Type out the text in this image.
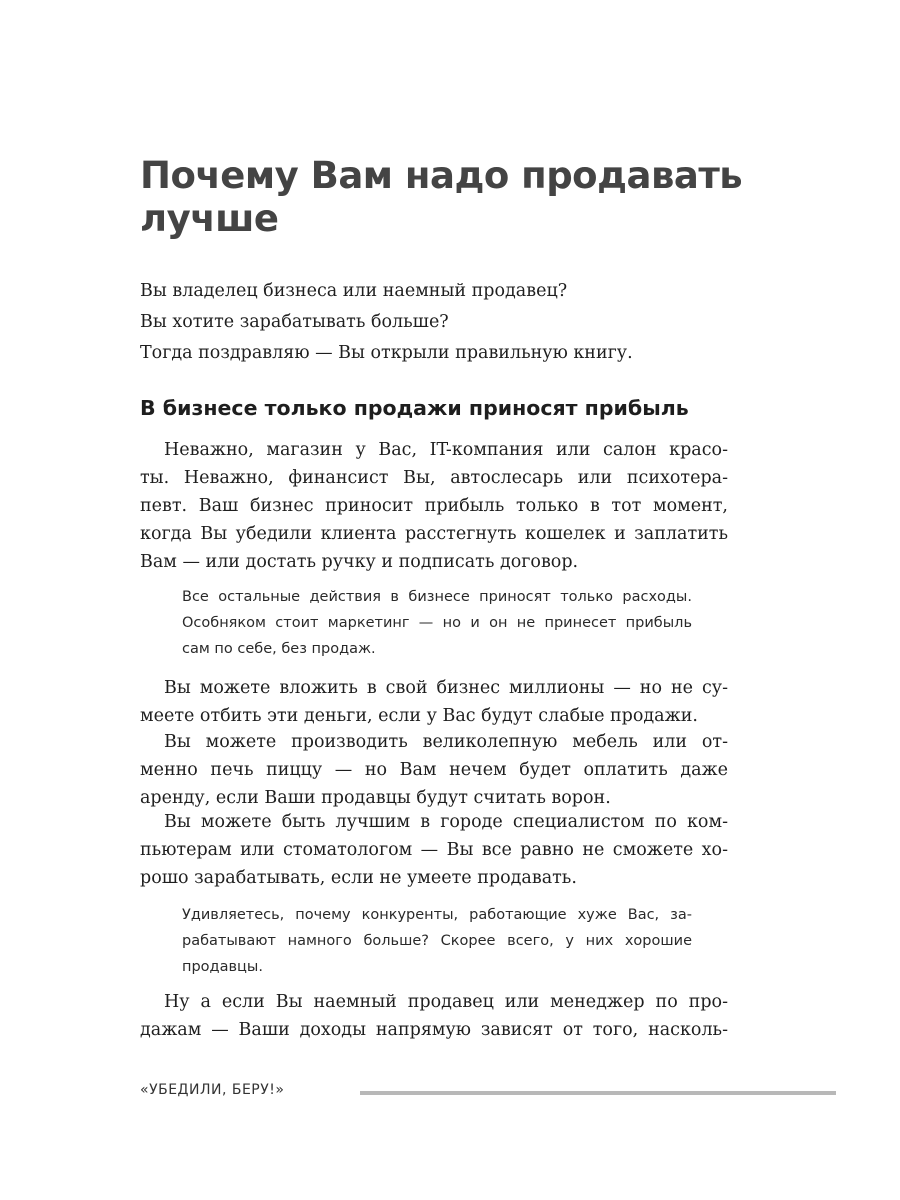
Почему Вам надо продавать
лучше

Вы владелец бизнеса или наемный продавец?

Вы хотите зарабатывать больше?

Тогда поздравляю — Вы открыли правильную книгу.

В бизнесе только продажи приносят прибыль
Неважно, магазин у Вас, IT-компания или салон красо-
ты. Неважно, финансист Вы, автослесарь или психотера-
певт. Ваш бизнес приносит прибыль только в тот момент,
когда Вы убедили клиента расстегнуть кошелек и заплатить
Вам — или достать ручку и подписать договор.
Все остальные действия в бизнесе приносят только расходы.
Особняком стоит маркетинг — но и он не принесет прибыль
сам по себе, без продаж.
Вы можете вложить в свой бизнес миллионы — но не су-
меете отбить эти деньги, если у Вас будут слабые продажи.
Вы можете производить великолепную мебель или от-
менно печь пиццу — но Вам нечем будет оплатить даже
аренду, если Ваши продавцы будут считать ворон.
Вы можете быть лучшим в городе специалистом по ком-
пьютерам или стоматологом — Вы все равно не сможете хо-
рошо зарабатывать, если не умеете продавать.
Удивляетесь, почему конкуренты, работающие хуже Вас, за-
рабатывают намного больше? Скорее всего, у них хорошие
продавцы.
Ну а если Вы наемный продавец или менеджер по про-
дажам — Ваши доходы напрямую зависят от того, насколь-
«УБЕДИЛИ, БЕРУ!»
